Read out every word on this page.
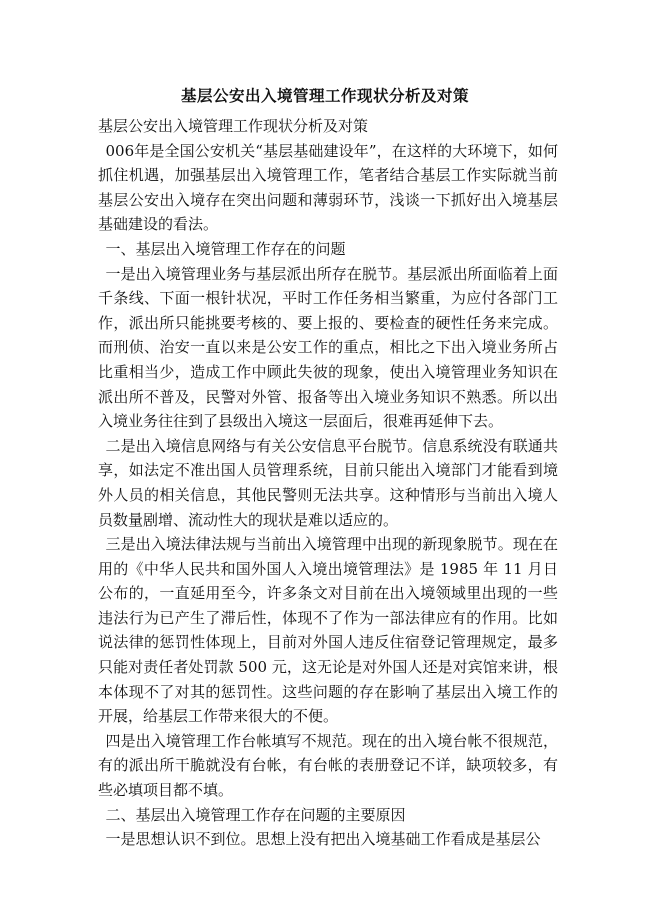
基层公安出入境管理工作现状分析及对策

基层公安出入境管理工作现状分析及对策

006年是全国公安机关“基层基础建设年”，在这样的大环境下，如何抓住机遇，加强基层出入境管理工作，笔者结合基层工作实际就当前基层公安出入境存在突出问题和薄弱环节，浅谈一下抓好出入境基层基础建设的看法。

一、基层出入境管理工作存在的问题

一是出入境管理业务与基层派出所存在脱节。基层派出所面临着上面千条线、下面一根针状况，平时工作任务相当繁重，为应付各部门工作，派出所只能挑要考核的、要上报的、要检查的硬性任务来完成。而刑侦、治安一直以来是公安工作的重点，相比之下出入境业务所占比重相当少，造成工作中顾此失彼的现象，使出入境管理业务知识在派出所不普及，民警对外管、报备等出入境业务知识不熟悉。所以出入境业务往往到了县级出入境这一层面后，很难再延伸下去。

二是出入境信息网络与有关公安信息平台脱节。信息系统没有联通共享，如法定不准出国人员管理系统，目前只能出入境部门才能看到境外人员的相关信息，其他民警则无法共享。这种情形与当前出入境人员数量剧增、流动性大的现状是难以适应的。

三是出入境法律法规与当前出入境管理中出现的新现象脱节。现在在用的《中华人民共和国外国人入境出境管理法》是 1985 年 11 月日公布的，一直延用至今，许多条文对目前在出入境领域里出现的一些违法行为已产生了滞后性，体现不了作为一部法律应有的作用。比如说法律的惩罚性体现上，目前对外国人违反住宿登记管理规定，最多只能对责任者处罚款 500 元，这无论是对外国人还是对宾馆来讲，根本体现不了对其的惩罚性。这些问题的存在影响了基层出入境工作的开展，给基层工作带来很大的不便。

四是出入境管理工作台帐填写不规范。现在的出入境台帐不很规范，有的派出所干脆就没有台帐，有台帐的表册登记不详，缺项较多，有些必填项目都不填。

二、基层出入境管理工作存在问题的主要原因

一是思想认识不到位。思想上没有把出入境基础工作看成是基层公
